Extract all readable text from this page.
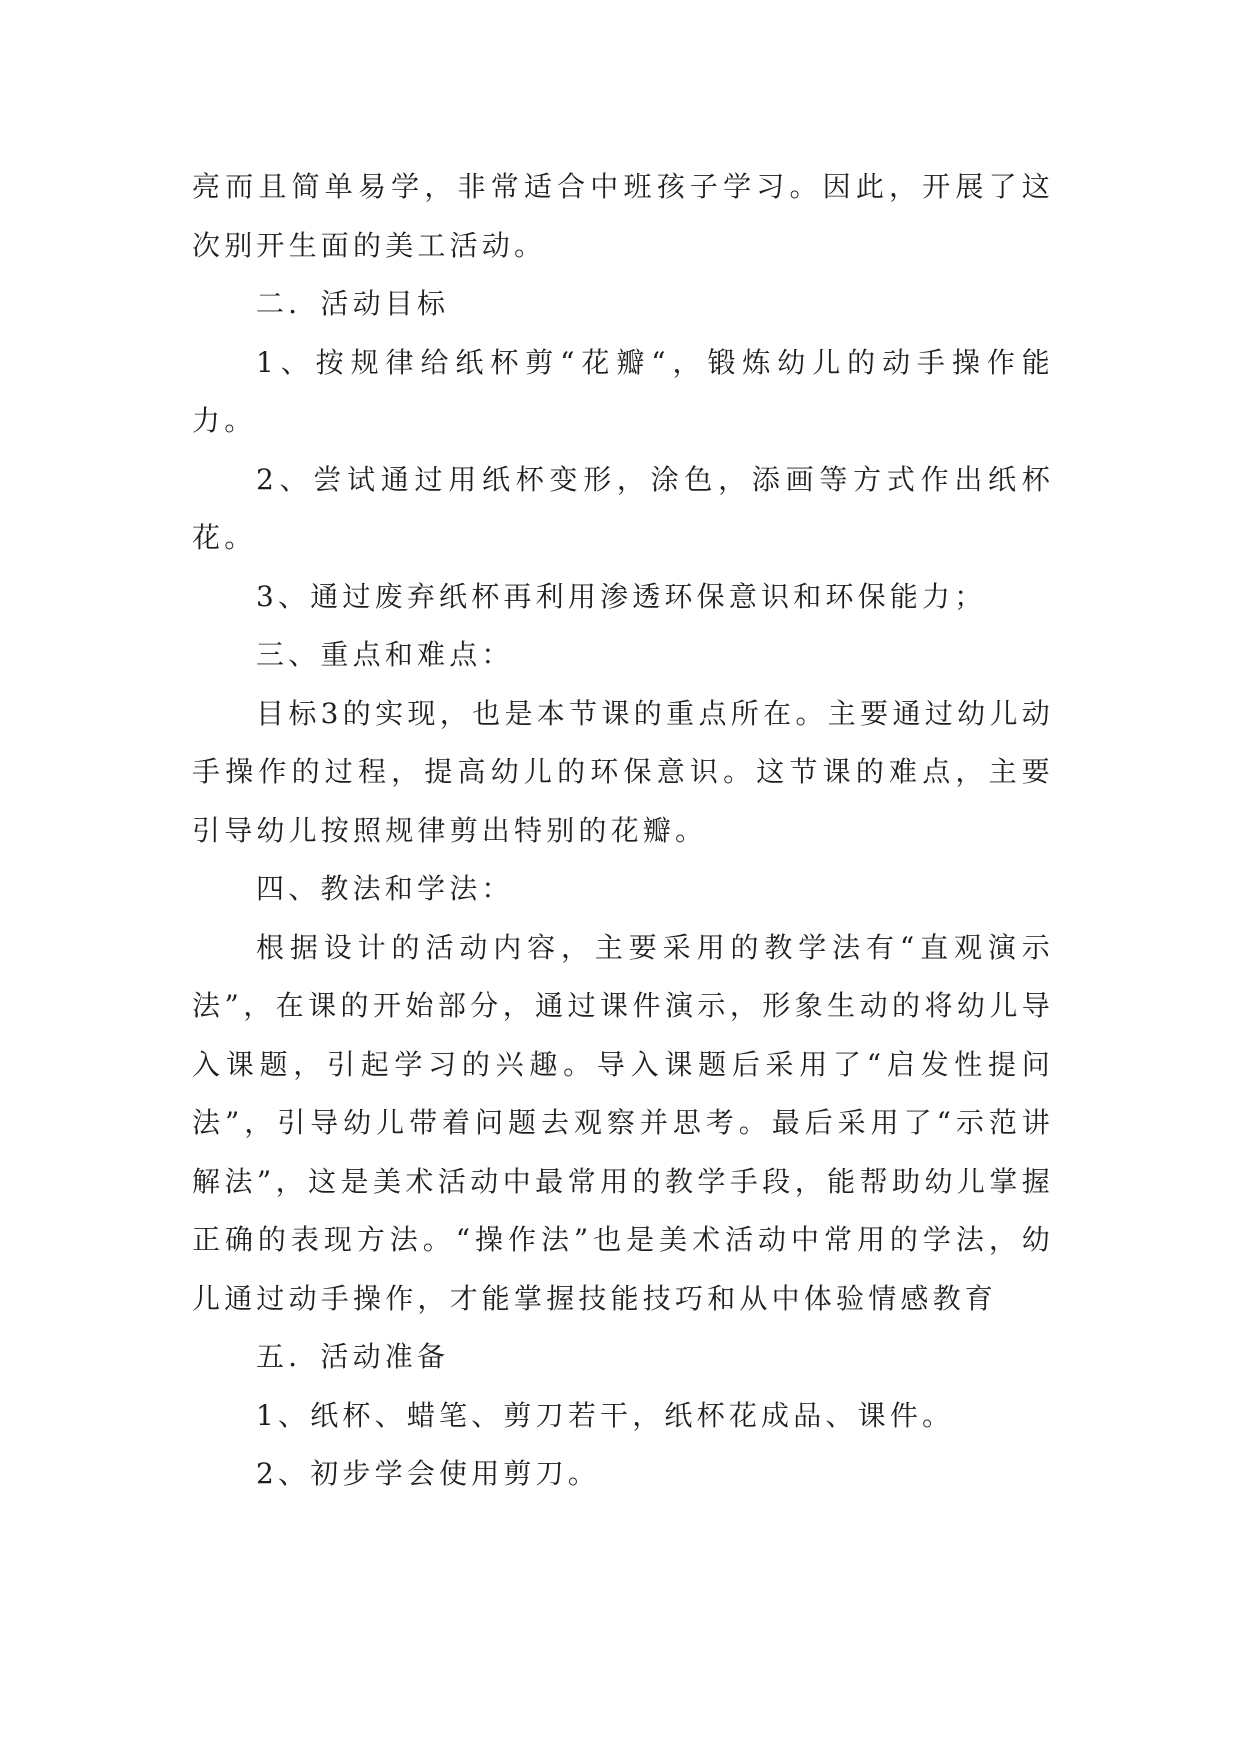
亮而且简单易学，非常适合中班孩子学习。因此，开展了这次别开生面的美工活动。

二．活动目标

1、按规律给纸杯剪“花瓣“，锻炼幼儿的动手操作能力。

2、尝试通过用纸杯变形，涂色，添画等方式作出纸杯花。

3、通过废弃纸杯再利用渗透环保意识和环保能力；

三、重点和难点：

目标3的实现，也是本节课的重点所在。主要通过幼儿动手操作的过程，提高幼儿的环保意识。这节课的难点，主要引导幼儿按照规律剪出特别的花瓣。

四、教法和学法：

根据设计的活动内容，主要采用的教学法有“直观演示法”，在课的开始部分，通过课件演示，形象生动的将幼儿导入课题，引起学习的兴趣。导入课题后采用了“启发性提问法”，引导幼儿带着问题去观察并思考。最后采用了“示范讲解法”，这是美术活动中最常用的教学手段，能帮助幼儿掌握正确的表现方法。“操作法”也是美术活动中常用的学法，幼儿通过动手操作，才能掌握技能技巧和从中体验情感教育

五．活动准备

1、纸杯、蜡笔、剪刀若干，纸杯花成品、课件。

2、初步学会使用剪刀。
